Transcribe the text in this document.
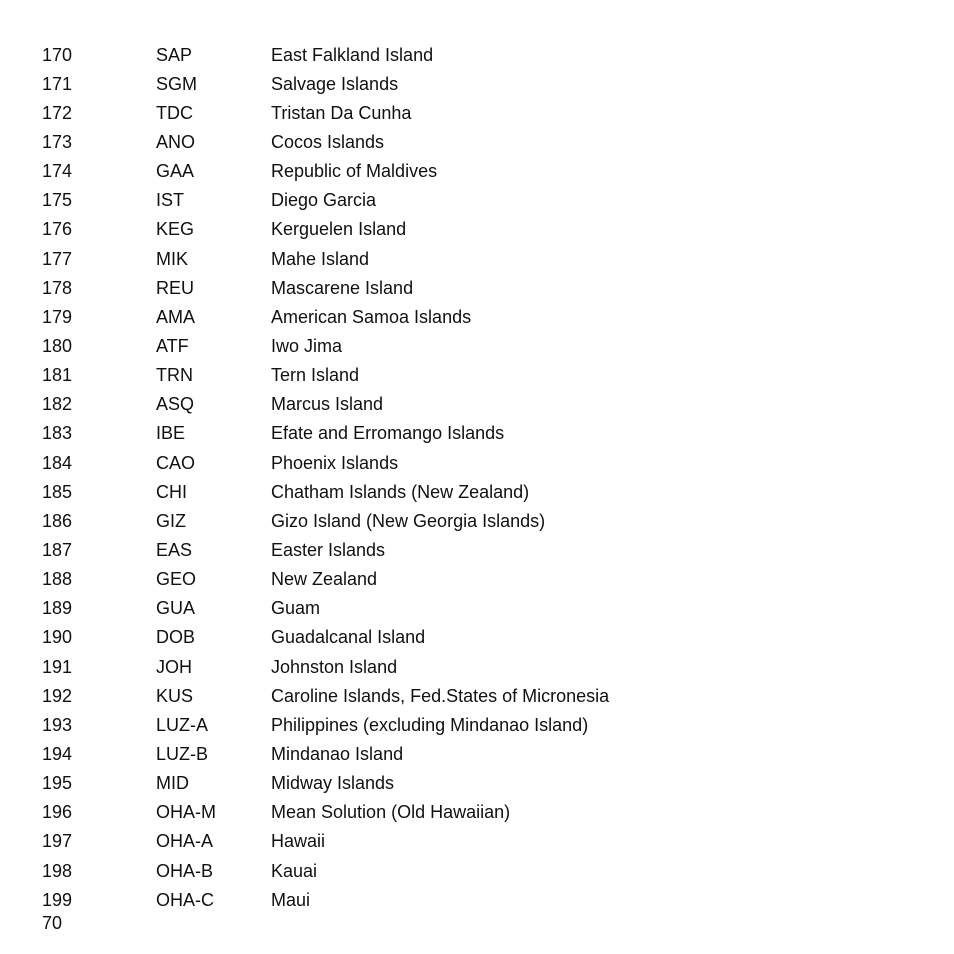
170	SAP	East Falkland Island
171	SGM	Salvage Islands
172	TDC	Tristan Da Cunha
173	ANO	Cocos Islands
174	GAA	Republic of Maldives
175	IST	Diego Garcia
176	KEG	Kerguelen Island
177	MIK	Mahe Island
178	REU	Mascarene Island
179	AMA	American Samoa Islands
180	ATF	Iwo Jima
181	TRN	Tern Island
182	ASQ	Marcus Island
183	IBE	Efate and Erromango Islands
184	CAO	Phoenix Islands
185	CHI	Chatham Islands (New Zealand)
186	GIZ	Gizo Island (New Georgia Islands)
187	EAS	Easter Islands
188	GEO	New Zealand
189	GUA	Guam
190	DOB	Guadalcanal Island
191	JOH	Johnston Island
192	KUS	Caroline Islands, Fed.States of Micronesia
193	LUZ-A	Philippines (excluding Mindanao Island)
194	LUZ-B	Mindanao Island
195	MID	Midway Islands
196	OHA-M	Mean Solution (Old Hawaiian)
197	OHA-A	Hawaii
198	OHA-B	Kauai
199	OHA-C	Maui
70
